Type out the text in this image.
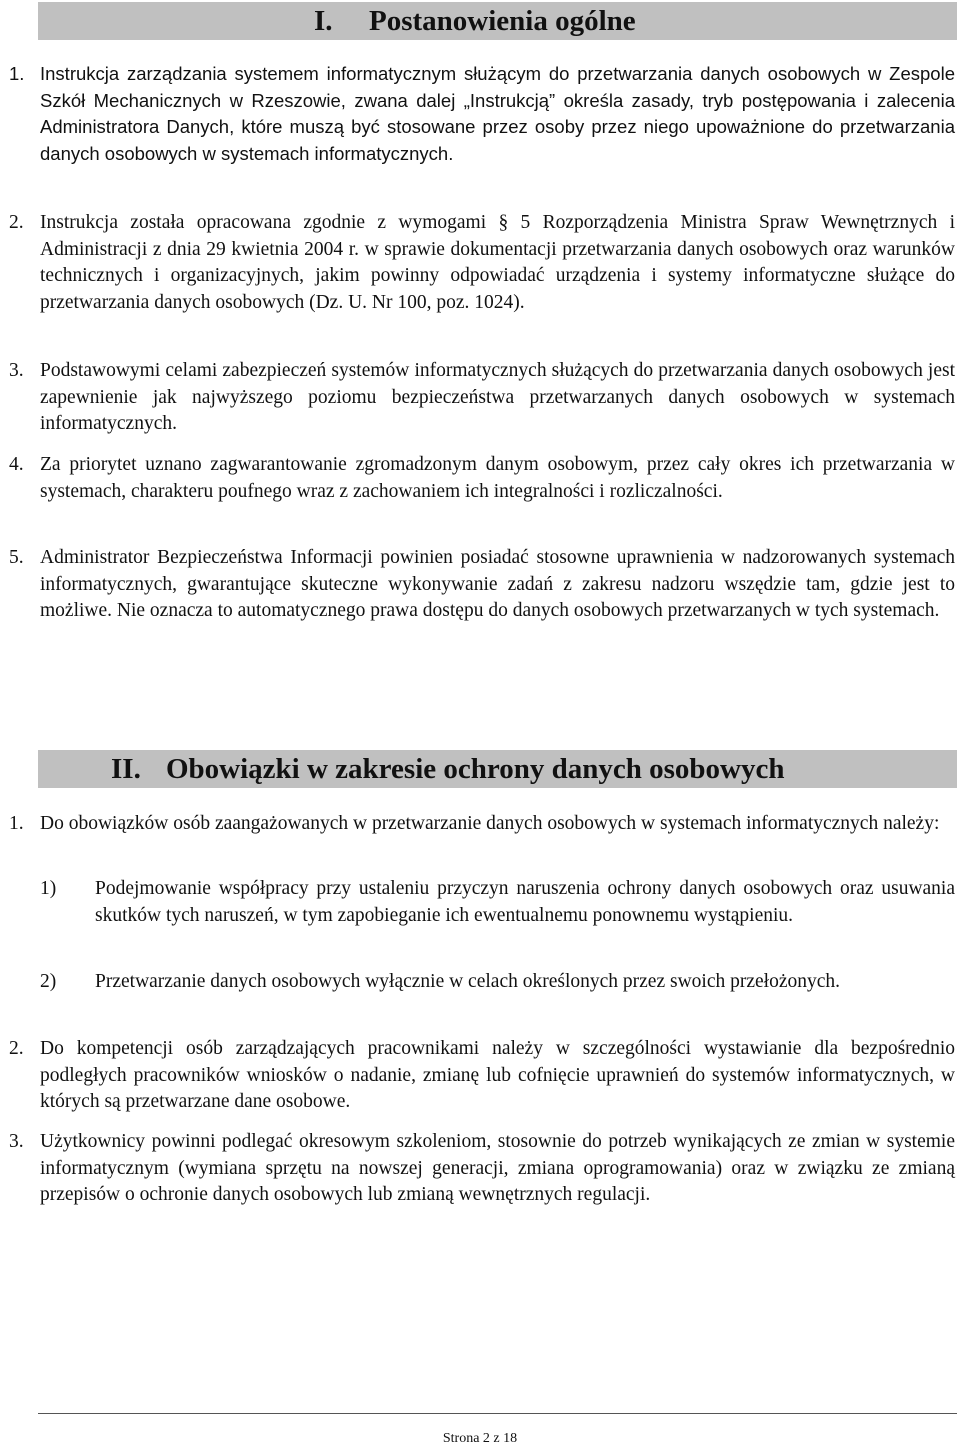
I. Postanowienia ogólne

1. Instrukcja zarządzania systemem informatycznym służącym do przetwarzania danych osobowych w Zespole Szkół Mechanicznych w Rzeszowie, zwana dalej „Instrukcją” określa zasady, tryb postępowania i zalecenia Administratora Danych, które muszą być stosowane przez osoby przez niego upoważnione do przetwarzania danych osobowych w systemach informatycznych.

2. Instrukcja została opracowana zgodnie z wymogami § 5 Rozporządzenia Ministra Spraw Wewnętrznych i Administracji z dnia 29 kwietnia 2004 r. w sprawie dokumentacji przetwarzania danych osobowych oraz warunków technicznych i organizacyjnych, jakim powinny odpowiadać urządzenia i systemy informatyczne służące do przetwarzania danych osobowych (Dz. U. Nr 100, poz. 1024).

3. Podstawowymi celami zabezpieczeń systemów informatycznych służących do przetwarzania danych osobowych jest zapewnienie jak najwyższego poziomu bezpieczeństwa przetwarzanych danych osobowych w systemach informatycznych.

4. Za priorytet uznano zagwarantowanie zgromadzonym danym osobowym, przez cały okres ich przetwarzania w systemach, charakteru poufnego wraz z zachowaniem ich integralności i rozliczalności.

5. Administrator Bezpieczeństwa Informacji powinien posiadać stosowne uprawnienia w nadzorowanych systemach informatycznych, gwarantujące skuteczne wykonywanie zadań z zakresu nadzoru wszędzie tam, gdzie jest to możliwe. Nie oznacza to automatycznego prawa dostępu do danych osobowych przetwarzanych w tych systemach.

II. Obowiązki w zakresie ochrony danych osobowych

1. Do obowiązków osób zaangażowanych w przetwarzanie danych osobowych w systemach informatycznych należy:

1) Podejmowanie współpracy przy ustaleniu przyczyn naruszenia ochrony danych osobowych oraz usuwania skutków tych naruszeń, w tym zapobieganie ich ewentualnemu ponownemu wystąpieniu.

2) Przetwarzanie danych osobowych wyłącznie w celach określonych przez swoich przełożonych.

2. Do kompetencji osób zarządzających pracownikami należy w szczególności wystawianie dla bezpośrednio podległych pracowników wniosków o nadanie, zmianę lub cofnięcie uprawnień do systemów informatycznych, w których są przetwarzane dane osobowe.

3. Użytkownicy powinni podlegać okresowym szkoleniom, stosownie do potrzeb wynikających ze zmian w systemie informatycznym (wymiana sprzętu na nowszej generacji, zmiana oprogramowania) oraz w związku ze zmianą przepisów o ochronie danych osobowych lub zmianą wewnętrznych regulacji.

Strona 2 z 18
